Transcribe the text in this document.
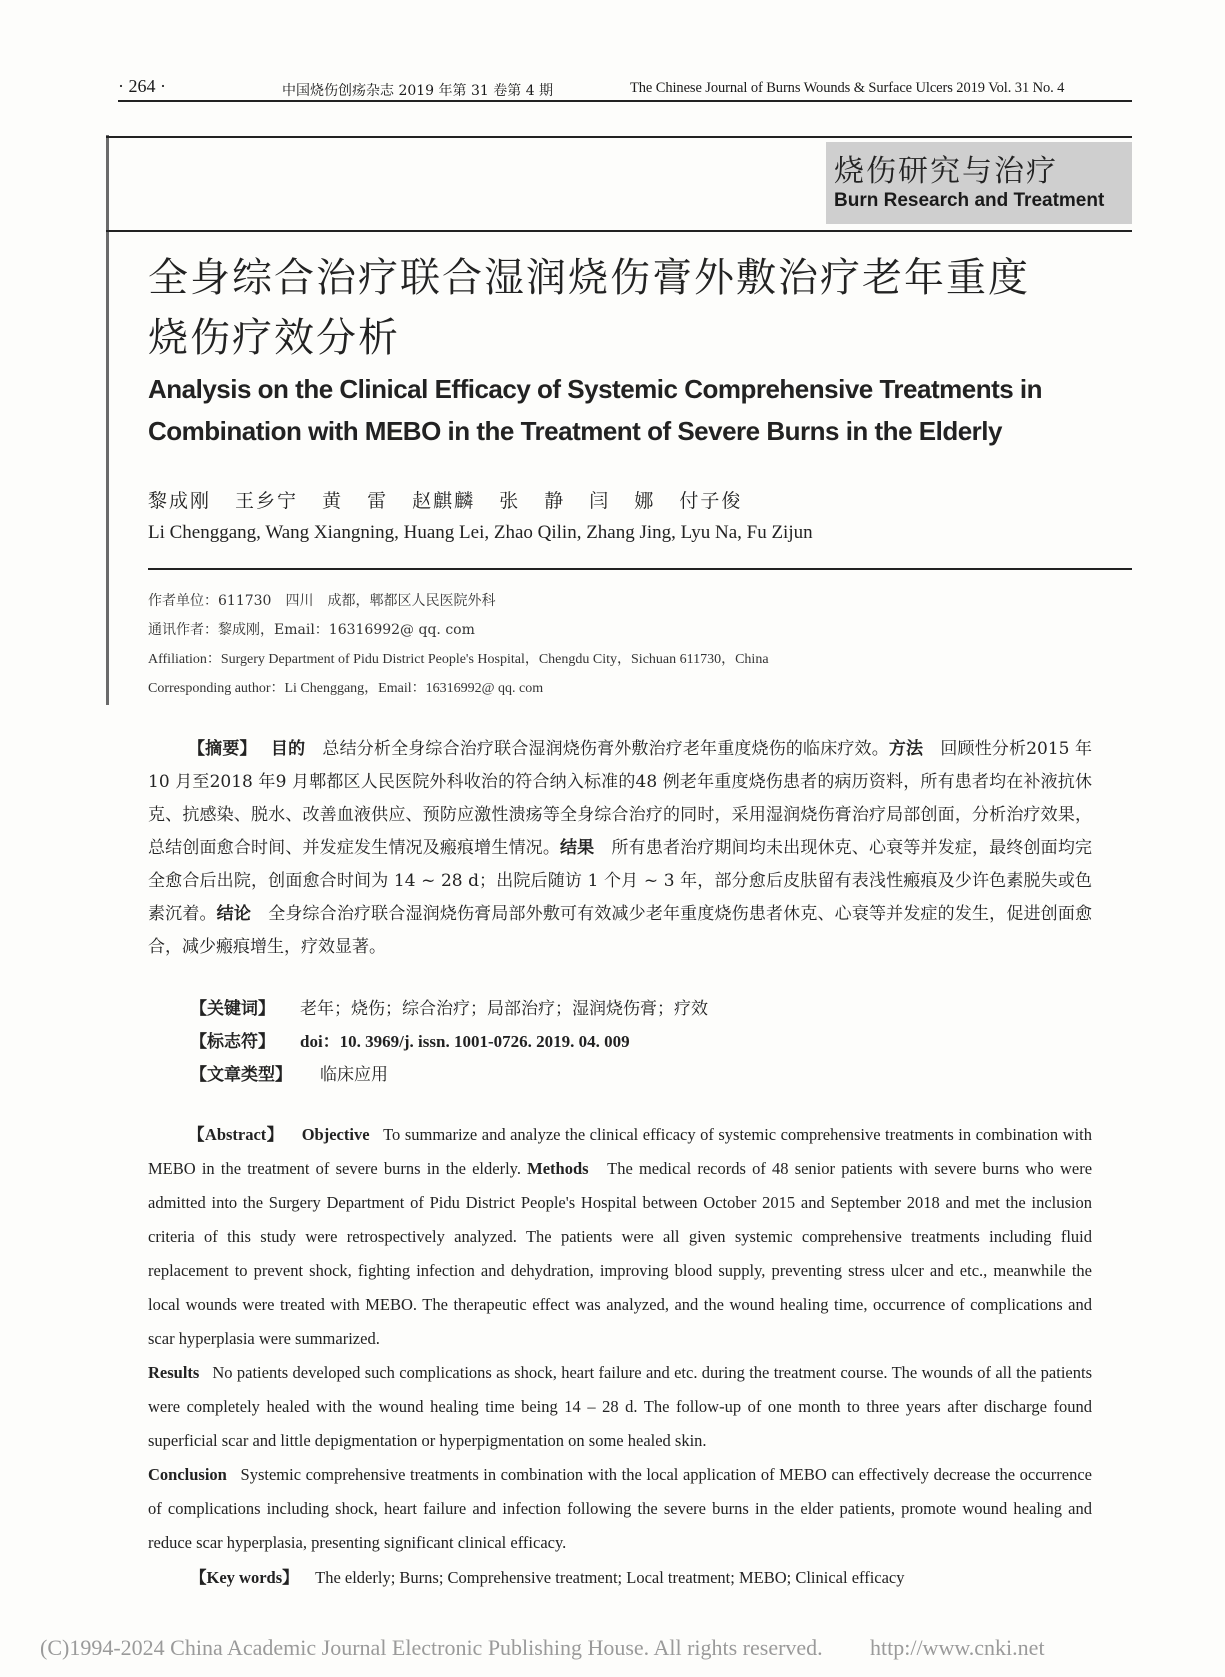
· 264 ·	中国烧伤创疡杂志 2019 年第 31 卷第 4 期	The Chinese Journal of Burns Wounds & Surface Ulcers 2019 Vol. 31 No. 4
烧伤研究与治疗
Burn Research and Treatment
全身综合治疗联合湿润烧伤膏外敷治疗老年重度
烧伤疗效分析
Analysis on the Clinical Efficacy of Systemic Comprehensive Treatments in
Combination with MEBO in the Treatment of Severe Burns in the Elderly
黎成刚 王乡宁 黄 雷 赵麒麟 张 静 闫 娜 付子俊
Li Chenggang, Wang Xiangning, Huang Lei, Zhao Qilin, Zhang Jing, Lyu Na, Fu Zijun
作者单位：611730　四川　成都，郫都区人民医院外科
通讯作者：黎成刚，Email：16316992@ qq. com
Affiliation：Surgery Department of Pidu District People's Hospital，Chengdu City，Sichuan 611730，China
Corresponding author：Li Chenggang，Email：16316992@ qq. com
【摘要】　 目的　 总结分析全身综合治疗联合湿润烧伤膏外敷治疗老年重度烧伤的临床疗效。方法　 回顾性分析2015 年10 月至2018 年9 月郫都区人民医院外科收治的符合纳入标准的48 例老年重度烧伤患者的病历资料，所有患者均在补液抗休克、抗感染、脱水、改善血液供应、预防应激性溃疡等全身综合治疗的同时，采用湿润烧伤膏治疗局部创面，分析治疗效果，总结创面愈合时间、并发症发生情况及瘢痕增生情况。结果　 所有患者治疗期间均未出现休克、心衰等并发症，最终创面均完全愈合后出院，创面愈合时间为 14 ~ 28 d；出院后随访 1 个月 ~ 3 年，部分愈后皮肤留有表浅性瘢痕及少许色素脱失或色素沉着。结论　 全身综合治疗联合湿润烧伤膏局部外敷可有效减少老年重度烧伤患者休克、心衰等并发症的发生，促进创面愈合，减少瘢痕增生，疗效显著。
【关键词】 老年；烧伤；综合治疗；局部治疗；湿润烧伤膏；疗效
【标志符】 doi：10. 3969/j. issn. 1001-0726. 2019. 04. 009
【文章类型】 临床应用
【Abstract】 Objective To summarize and analyze the clinical efficacy of systemic comprehensive treatments in combination with MEBO in the treatment of severe burns in the elderly. Methods The medical records of 48 senior patients with severe burns who were admitted into the Surgery Department of Pidu District People's Hospital between October 2015 and September 2018 and met the inclusion criteria of this study were retrospectively analyzed. The patients were all given systemic comprehensive treatments including fluid replacement to prevent shock, fighting infection and dehydration, improving blood supply, preventing stress ulcer and etc., meanwhile the local wounds were treated with MEBO. The therapeutic effect was analyzed, and the wound healing time, occurrence of complications and scar hyperplasia were summarized.
Results No patients developed such complications as shock, heart failure and etc. during the treatment course. The wounds of all the patients were completely healed with the wound healing time being 14 – 28 d. The follow-up of one month to three years after discharge found superficial scar and little depigmentation or hyperpigmentation on some healed skin.
Conclusion Systemic comprehensive treatments in combination with the local application of MEBO can effectively decrease the occurrence of complications including shock, heart failure and infection following the severe burns in the elder patients, promote wound healing and reduce scar hyperplasia, presenting significant clinical efficacy.
【Key words】 The elderly; Burns; Comprehensive treatment; Local treatment; MEBO; Clinical efficacy
(C)1994-2024 China Academic Journal Electronic Publishing House. All rights reserved. http://www.cnki.net
